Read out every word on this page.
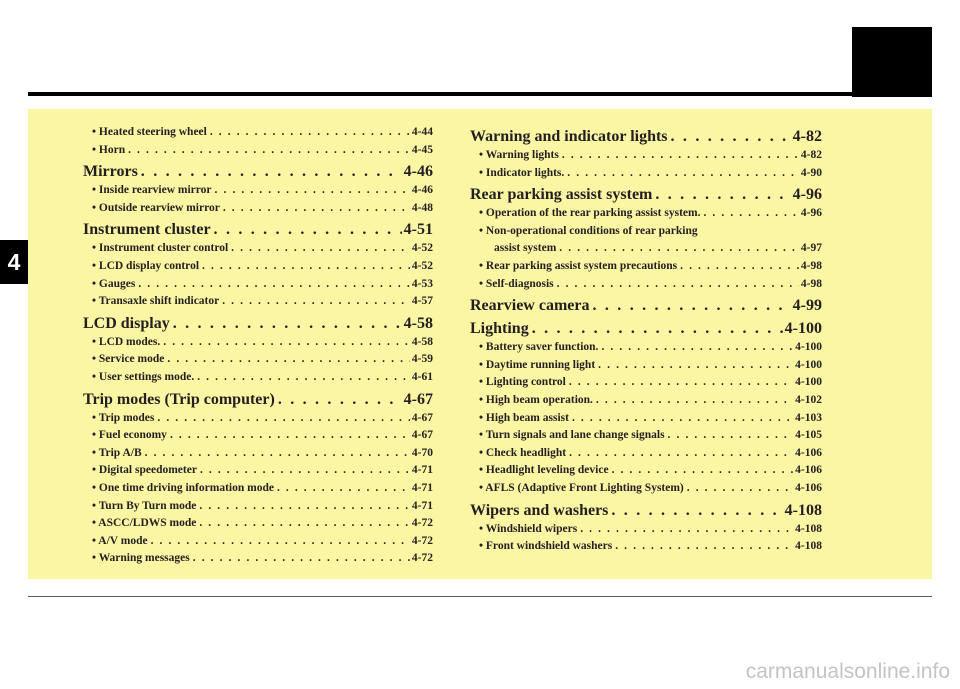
4
• Heated steering wheel . . .	4-44
• Horn . . .	4-45
Mirrors . . .	4-46
• Inside rearview mirror . . .	4-46
• Outside rearview mirror . . .	4-48
Instrument cluster . . .	4-51
• Instrument cluster control . . .	4-52
• LCD display control . . .	4-52
• Gauges . . .	4-53
• Transaxle shift indicator . . .	4-57
LCD display . . .	4-58
• LCD modes. . . .	4-58
• Service mode . . .	4-59
• User settings mode. . . .	4-61
Trip modes (Trip computer) . . .	4-67
• Trip modes . . .	4-67
• Fuel economy . . .	4-67
• Trip A/B . . .	4-70
• Digital speedometer . . .	4-71
• One time driving information mode . . .	4-71
• Turn By Turn mode . . .	4-71
• ASCC/LDWS mode . . .	4-72
• A/V mode . . .	4-72
• Warning messages . . .	4-72
Warning and indicator lights . . .	4-82
• Warning lights . . .	4-82
• Indicator lights. . . .	4-90
Rear parking assist system . . .	4-96
• Operation of the rear parking assist system. . . .	4-96
• Non-operational conditions of rear parking
assist system . . .	4-97
• Rear parking assist system precautions . . .	4-98
• Self-diagnosis . . .	4-98
Rearview camera . . .	4-99
Lighting . . .	4-100
• Battery saver function. . . .	4-100
• Daytime running light . . .	4-100
• Lighting control . . .	4-100
• High beam operation. . . .	4-102
• High beam assist . . .	4-103
• Turn signals and lane change signals . . .	4-105
• Check headlight . . .	4-106
• Headlight leveling device . . .	4-106
• AFLS (Adaptive Front Lighting System) . . .	4-106
Wipers and washers . . .	4-108
• Windshield wipers . . .	4-108
• Front windshield washers . . .	4-108
carmanualsonline.info
